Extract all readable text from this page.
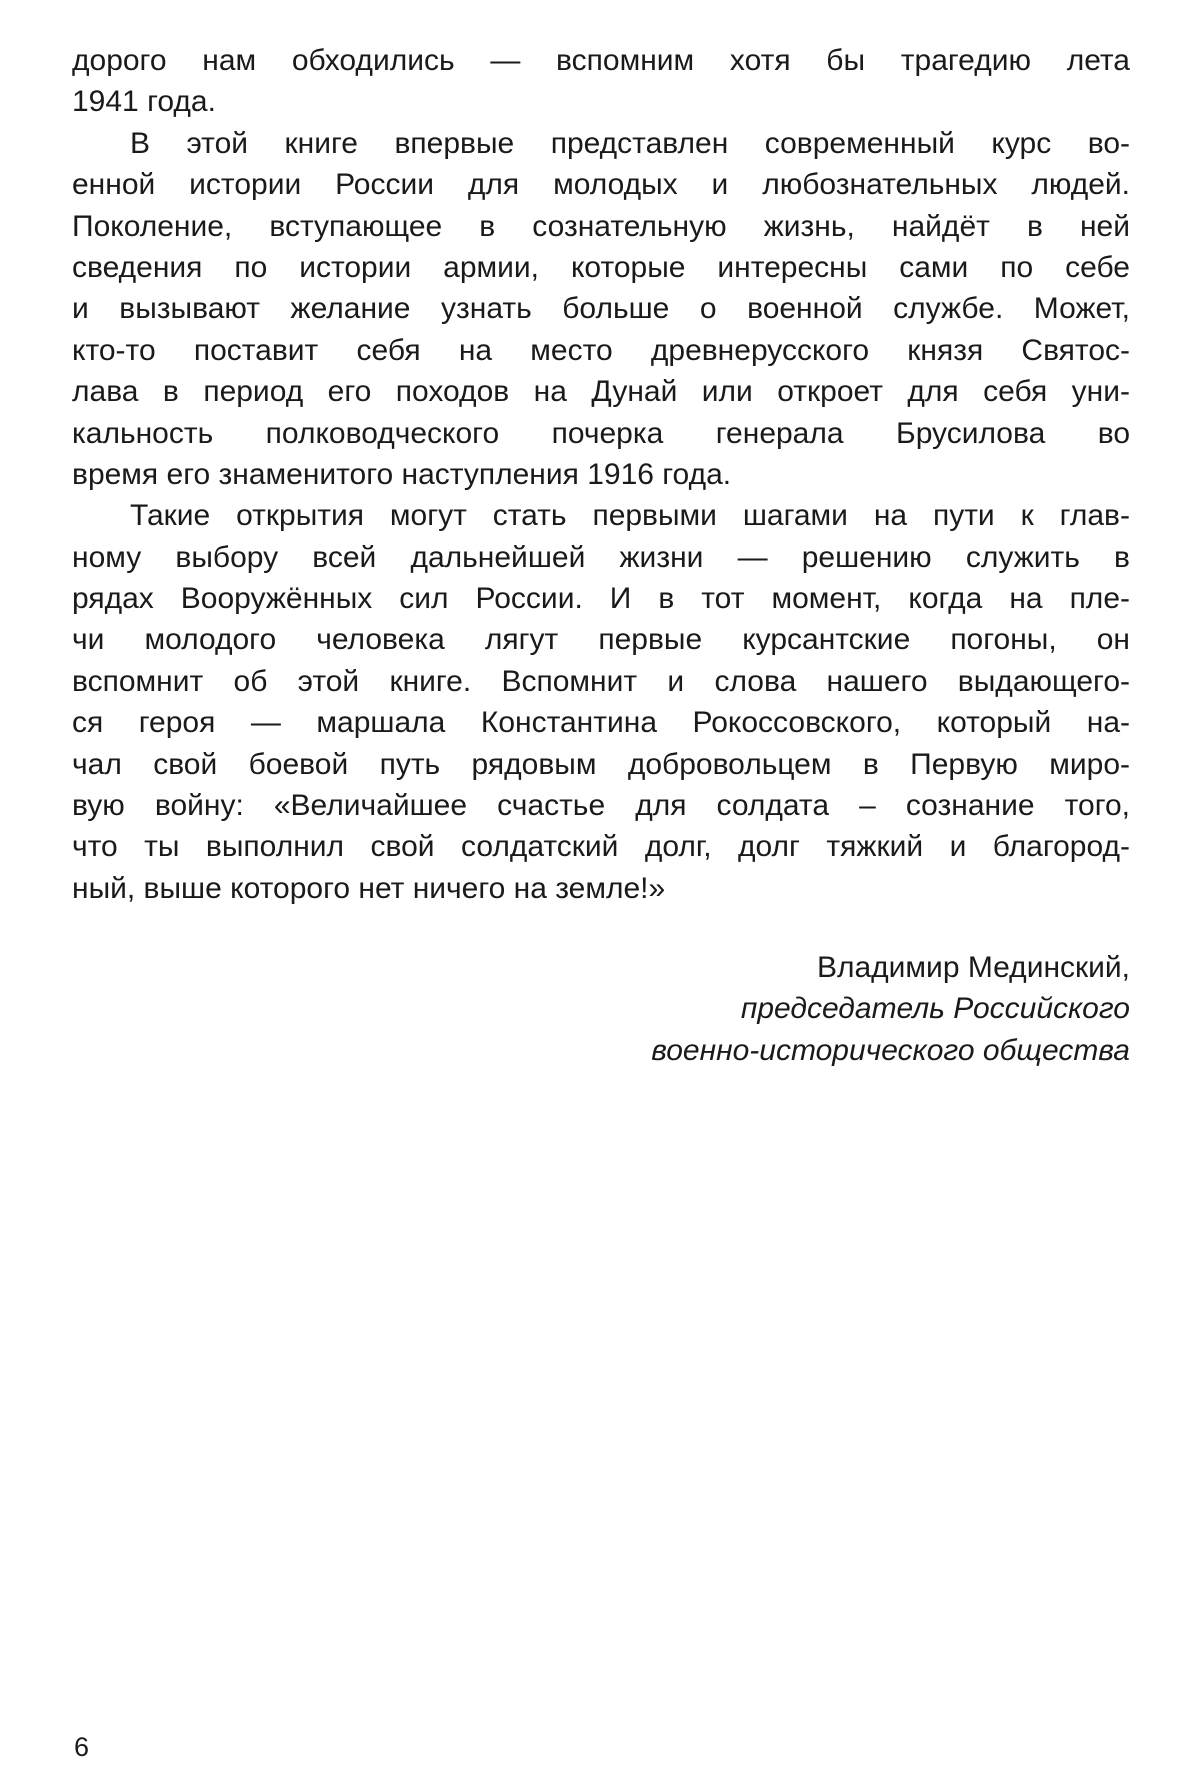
дорого нам обходились — вспомним хотя бы трагедию лета
1941 года.
В этой книге впервые представлен современный курс во-
енной истории России для молодых и любознательных людей.
Поколение, вступающее в сознательную жизнь, найдёт в ней
сведения по истории армии, которые интересны сами по себе
и вызывают желание узнать больше о военной службе. Может,
кто-то поставит себя на место древнерусского князя Святос-
лава в период его походов на Дунай или откроет для себя уни-
кальность полководческого почерка генерала Брусилова во
время его знаменитого наступления 1916 года.
Такие открытия могут стать первыми шагами на пути к глав-
ному выбору всей дальнейшей жизни — решению служить в
рядах Вооружённых сил России. И в тот момент, когда на пле-
чи молодого человека лягут первые курсантские погоны, он
вспомнит об этой книге. Вспомнит и слова нашего выдающего-
ся героя — маршала Константина Рокоссовского, который на-
чал свой боевой путь рядовым добровольцем в Первую миро-
вую войну: «Величайшее счастье для солдата – сознание того,
что ты выполнил свой солдатский долг, долг тяжкий и благород-
ный, выше которого нет ничего на земле!»
Владимир Мединский,
председатель Российского
военно-исторического общества
6
